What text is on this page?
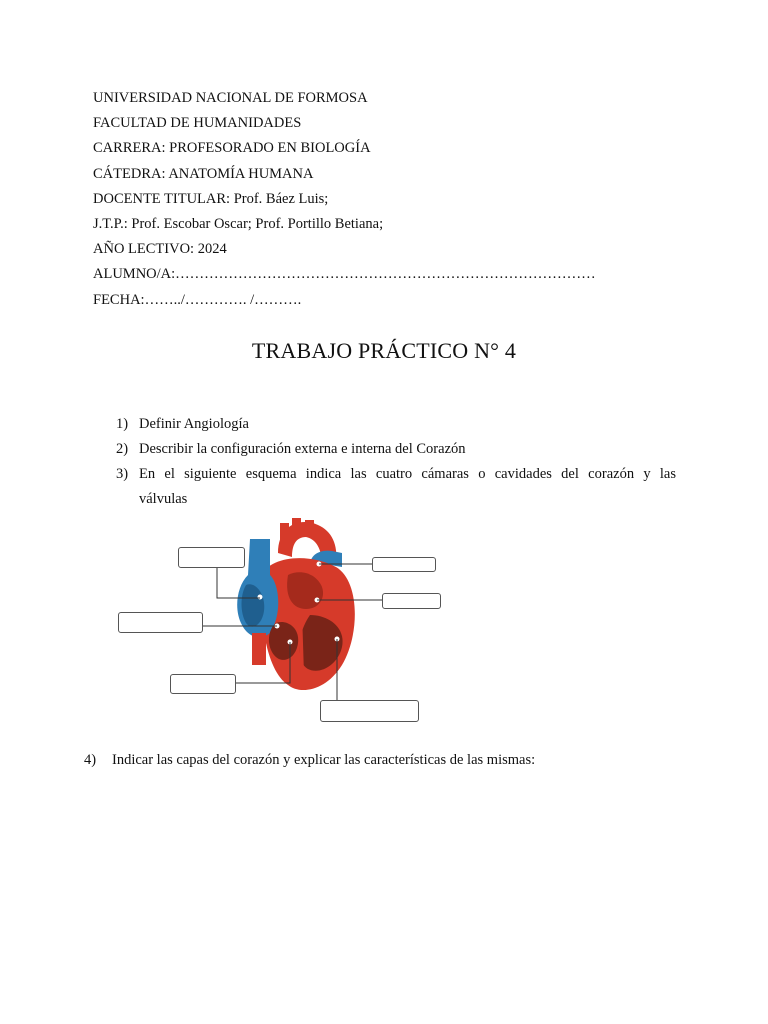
UNIVERSIDAD NACIONAL DE FORMOSA
FACULTAD DE HUMANIDADES
CARRERA: PROFESORADO EN BIOLOGÍA
CÁTEDRA: ANATOMÍA HUMANA
DOCENTE TITULAR: Prof. Báez Luis;
J.T.P.: Prof. Escobar Oscar; Prof. Portillo Betiana;
AÑO LECTIVO: 2024
ALUMNO/A:……………………………………………………………………………
FECHA:……../…………. /……….
TRABAJO PRÁCTICO N° 4
1) Definir Angiología
2) Describir la configuración externa e interna del Corazón
3) En el siguiente esquema indica las cuatro cámaras o cavidades del corazón y las
válvulas
4) Indicar las capas del corazón y explicar las características de las mismas:
